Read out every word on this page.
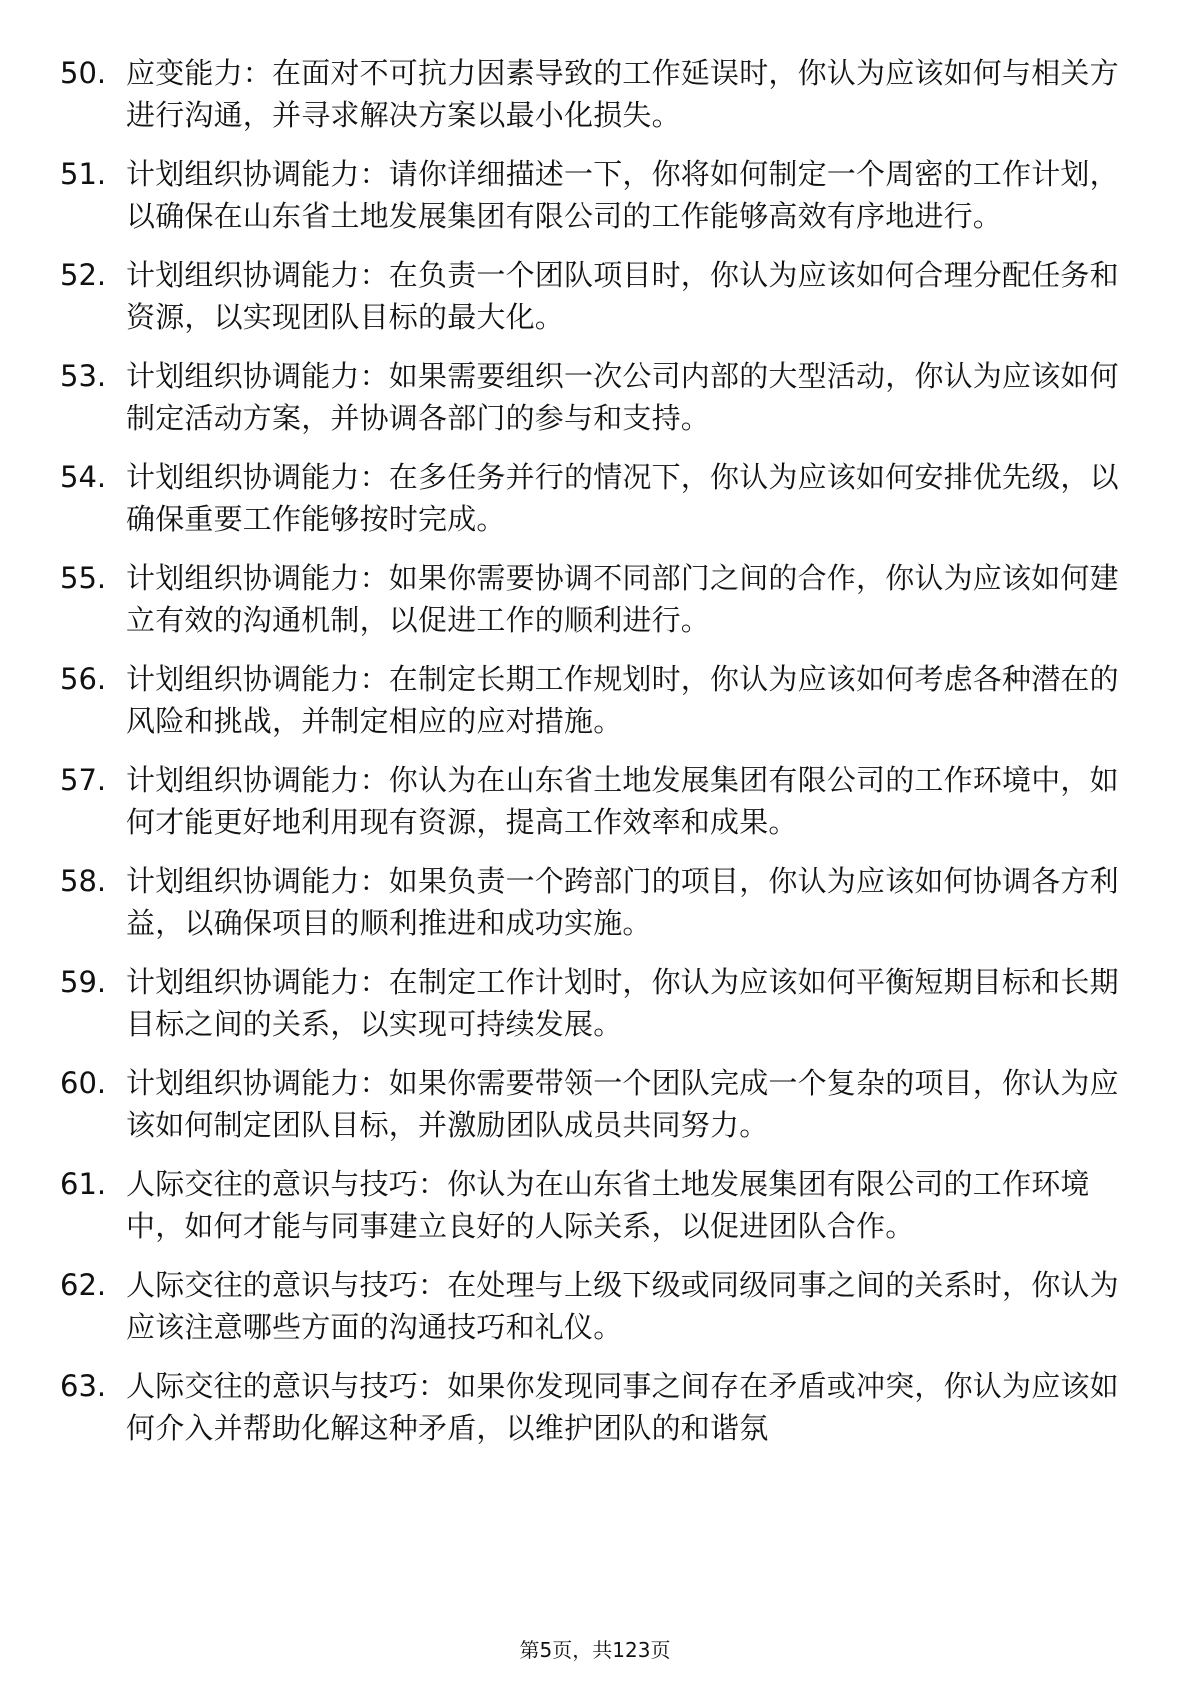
50. 应变能力：在面对不可抗力因素导致的工作延误时，你认为应该如何与相关方进行沟通，并寻求解决方案以最小化损失。
51. 计划组织协调能力：请你详细描述一下，你将如何制定一个周密的工作计划，以确保在山东省土地发展集团有限公司的工作能够高效有序地进行。
52. 计划组织协调能力：在负责一个团队项目时，你认为应该如何合理分配任务和资源，以实现团队目标的最大化。
53. 计划组织协调能力：如果需要组织一次公司内部的大型活动，你认为应该如何制定活动方案，并协调各部门的参与和支持。
54. 计划组织协调能力：在多任务并行的情况下，你认为应该如何安排优先级，以确保重要工作能够按时完成。
55. 计划组织协调能力：如果你需要协调不同部门之间的合作，你认为应该如何建立有效的沟通机制，以促进工作的顺利进行。
56. 计划组织协调能力：在制定长期工作规划时，你认为应该如何考虑各种潜在的风险和挑战，并制定相应的应对措施。
57. 计划组织协调能力：你认为在山东省土地发展集团有限公司的工作环境中，如何才能更好地利用现有资源，提高工作效率和成果。
58. 计划组织协调能力：如果负责一个跨部门的项目，你认为应该如何协调各方利益，以确保项目的顺利推进和成功实施。
59. 计划组织协调能力：在制定工作计划时，你认为应该如何平衡短期目标和长期目标之间的关系，以实现可持续发展。
60. 计划组织协调能力：如果你需要带领一个团队完成一个复杂的项目，你认为应该如何制定团队目标，并激励团队成员共同努力。
61. 人际交往的意识与技巧：你认为在山东省土地发展集团有限公司的工作环境中，如何才能与同事建立良好的人际关系，以促进团队合作。
62. 人际交往的意识与技巧：在处理与上级下级或同级同事之间的关系时，你认为应该注意哪些方面的沟通技巧和礼仪。
63. 人际交往的意识与技巧：如果你发现同事之间存在矛盾或冲突，你认为应该如何介入并帮助化解这种矛盾，以维护团队的和谐氛
第5页，共123页
